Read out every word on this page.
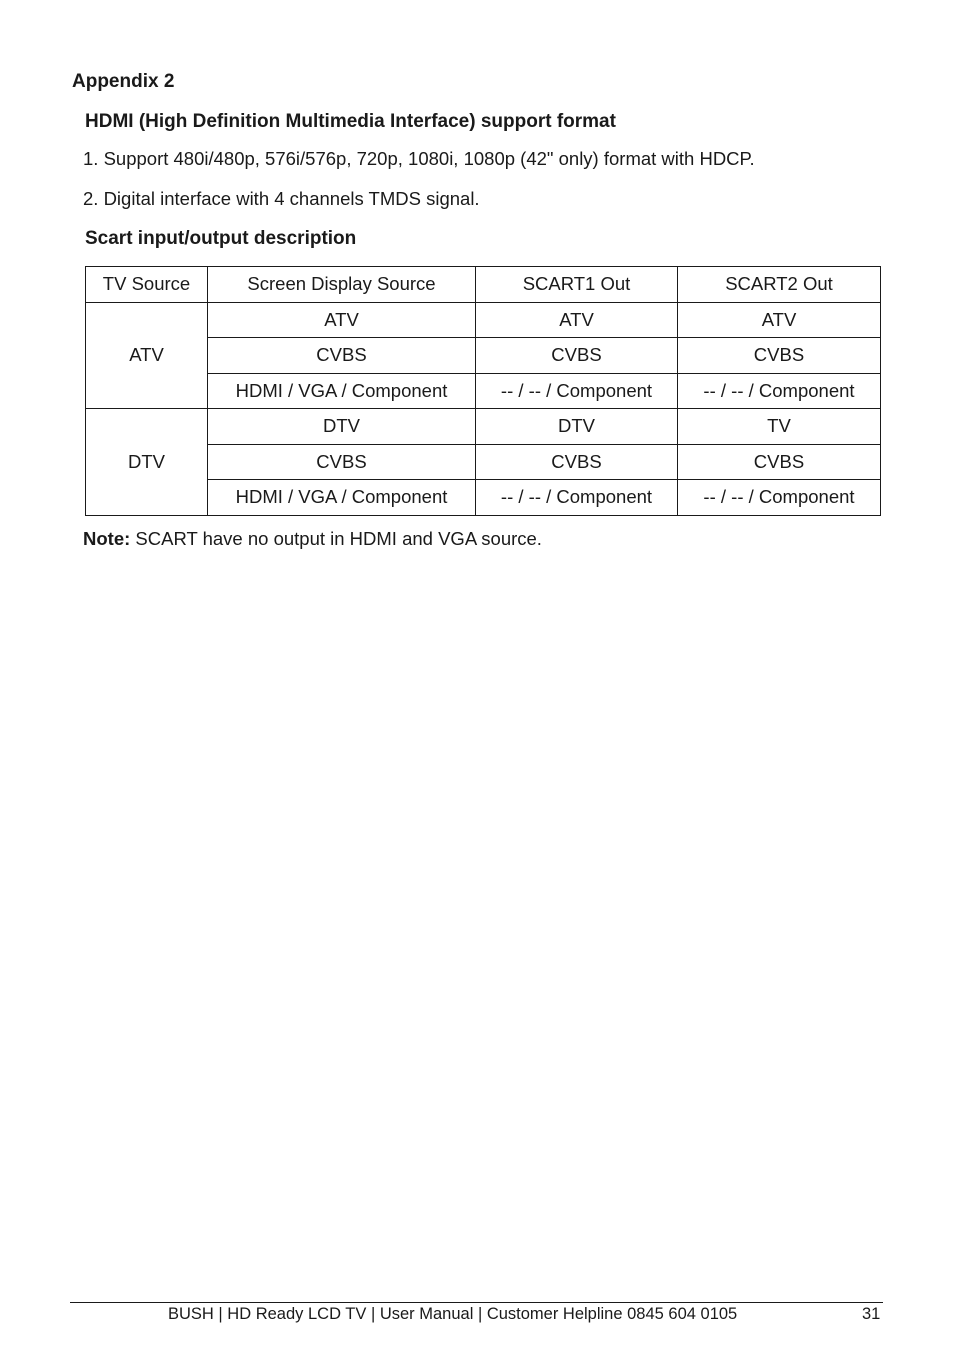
Appendix 2
HDMI (High Definition Multimedia Interface) support format
1. Support 480i/480p, 576i/576p, 720p, 1080i, 1080p (42" only) format with HDCP.
2. Digital interface with 4 channels TMDS signal.
Scart input/output description
TV Source	Screen Display Source	SCART1 Out	SCART2 Out
ATV	ATV	ATV	ATV
	CVBS	CVBS	CVBS
	HDMI / VGA / Component	-- / -- / Component	-- / -- / Component
DTV	DTV	DTV	TV
	CVBS	CVBS	CVBS
	HDMI / VGA / Component	-- / -- / Component	-- / -- / Component
Note: SCART have no output in HDMI and VGA source.
BUSH | HD Ready LCD TV | User Manual | Customer Helpline 0845 604 0105	31
